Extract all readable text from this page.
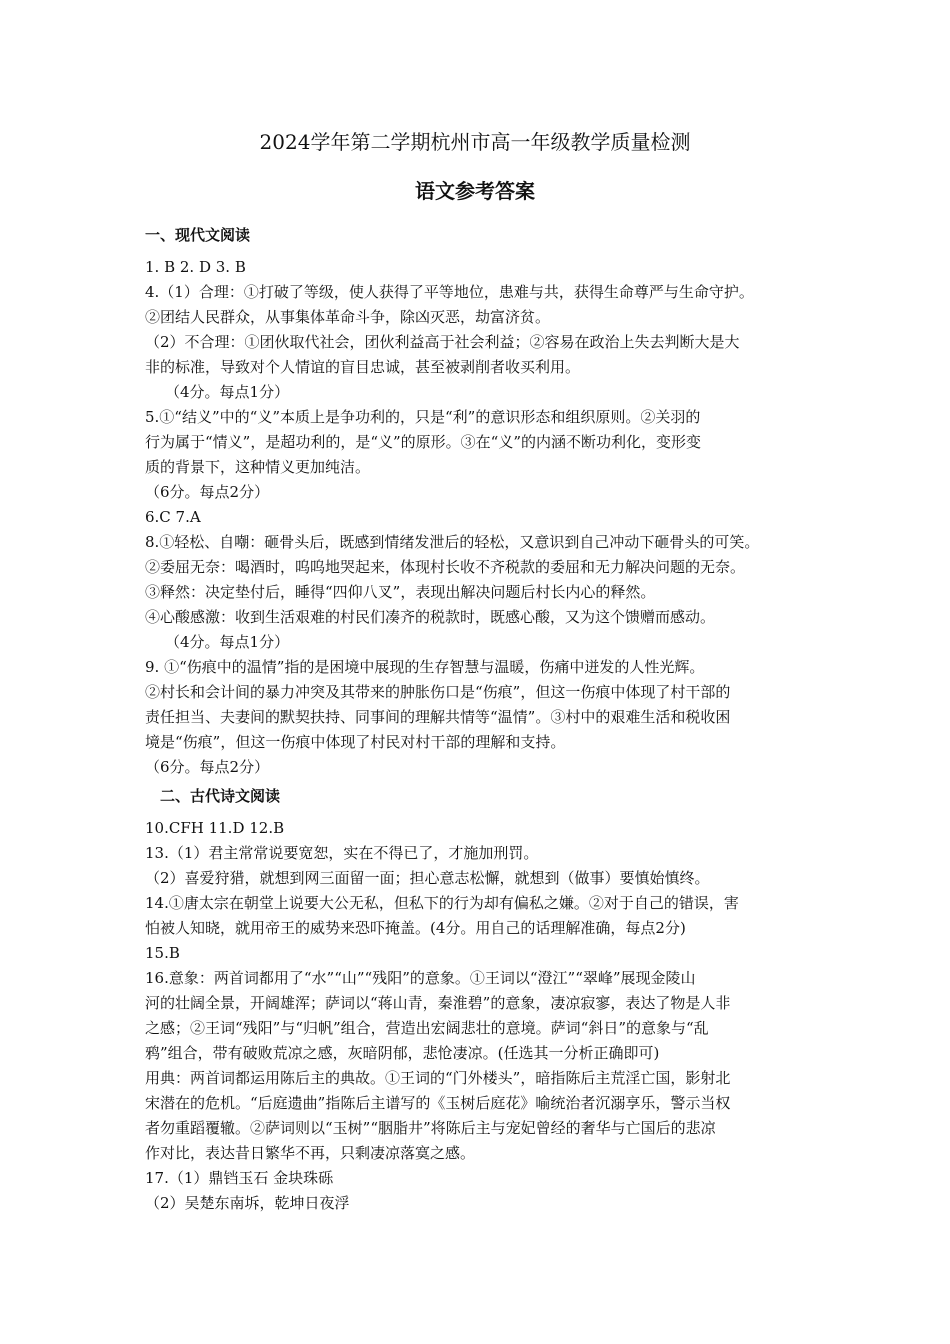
2024学年第二学期杭州市高一年级教学质量检测
语文参考答案
一、现代文阅读
1. B 2. D 3. B
4.（1）合理：①打破了等级，使人获得了平等地位，患难与共，获得生命尊严与生命守护。
②团结人民群众，从事集体革命斗争，除凶灭恶，劫富济贫。
（2）不合理：①团伙取代社会，团伙利益高于社会利益；②容易在政治上失去判断大是大
非的标准，导致对个人情谊的盲目忠诚，甚至被剥削者收买利用。
（4分。每点1分）
5.①“结义”中的“义”本质上是争功利的，只是“利”的意识形态和组织原则。②关羽的
行为属于“情义”，是超功利的，是“义”的原形。③在“义”的内涵不断功利化，变形变
质的背景下，这种情义更加纯洁。
（6分。每点2分）
6.C 7.A
8.①轻松、自嘲：砸骨头后，既感到情绪发泄后的轻松，又意识到自己冲动下砸骨头的可笑。
②委屈无奈：喝酒时，呜呜地哭起来，体现村长收不齐税款的委屈和无力解决问题的无奈。
③释然：决定垫付后，睡得“四仰八叉”，表现出解决问题后村长内心的释然。
④心酸感激：收到生活艰难的村民们凑齐的税款时，既感心酸，又为这个馈赠而感动。
（4分。每点1分）
9. ①“伤痕中的温情”指的是困境中展现的生存智慧与温暖，伤痛中迸发的人性光辉。
②村长和会计间的暴力冲突及其带来的肿胀伤口是“伤痕”，但这一伤痕中体现了村干部的
责任担当、夫妻间的默契扶持、同事间的理解共情等“温情”。③村中的艰难生活和税收困
境是“伤痕”，但这一伤痕中体现了村民对村干部的理解和支持。
（6分。每点2分）
二、古代诗文阅读
10.CFH 11.D 12.B
13.（1）君主常常说要宽恕，实在不得已了，才施加刑罚。
（2）喜爱狩猎，就想到网三面留一面；担心意志松懈，就想到（做事）要慎始慎终。
14.①唐太宗在朝堂上说要大公无私，但私下的行为却有偏私之嫌。②对于自己的错误，害
怕被人知晓，就用帝王的威势来恐吓掩盖。(4分。用自己的话理解准确，每点2分)
15.B
16.意象：两首词都用了“水”“山”“残阳”的意象。①王词以“澄江”“翠峰”展现金陵山
河的壮阔全景，开阔雄浑；萨词以“蒋山青，秦淮碧”的意象，凄凉寂寥，表达了物是人非
之感；②王词“残阳”与“归帆”组合，营造出宏阔悲壮的意境。萨词“斜日”的意象与“乱
鸦”组合，带有破败荒凉之感，灰暗阴郁，悲怆凄凉。(任选其一分析正确即可)
用典：两首词都运用陈后主的典故。①王词的“门外楼头”，暗指陈后主荒淫亡国，影射北
宋潜在的危机。“后庭遗曲”指陈后主谱写的《玉树后庭花》喻统治者沉溺享乐，警示当权
者勿重蹈覆辙。②萨词则以“玉树”“胭脂井”将陈后主与宠妃曾经的奢华与亡国后的悲凉
作对比，表达昔日繁华不再，只剩凄凉落寞之感。
17.（1）鼎铛玉石 金块珠砾
（2）吴楚东南坼，乾坤日夜浮
